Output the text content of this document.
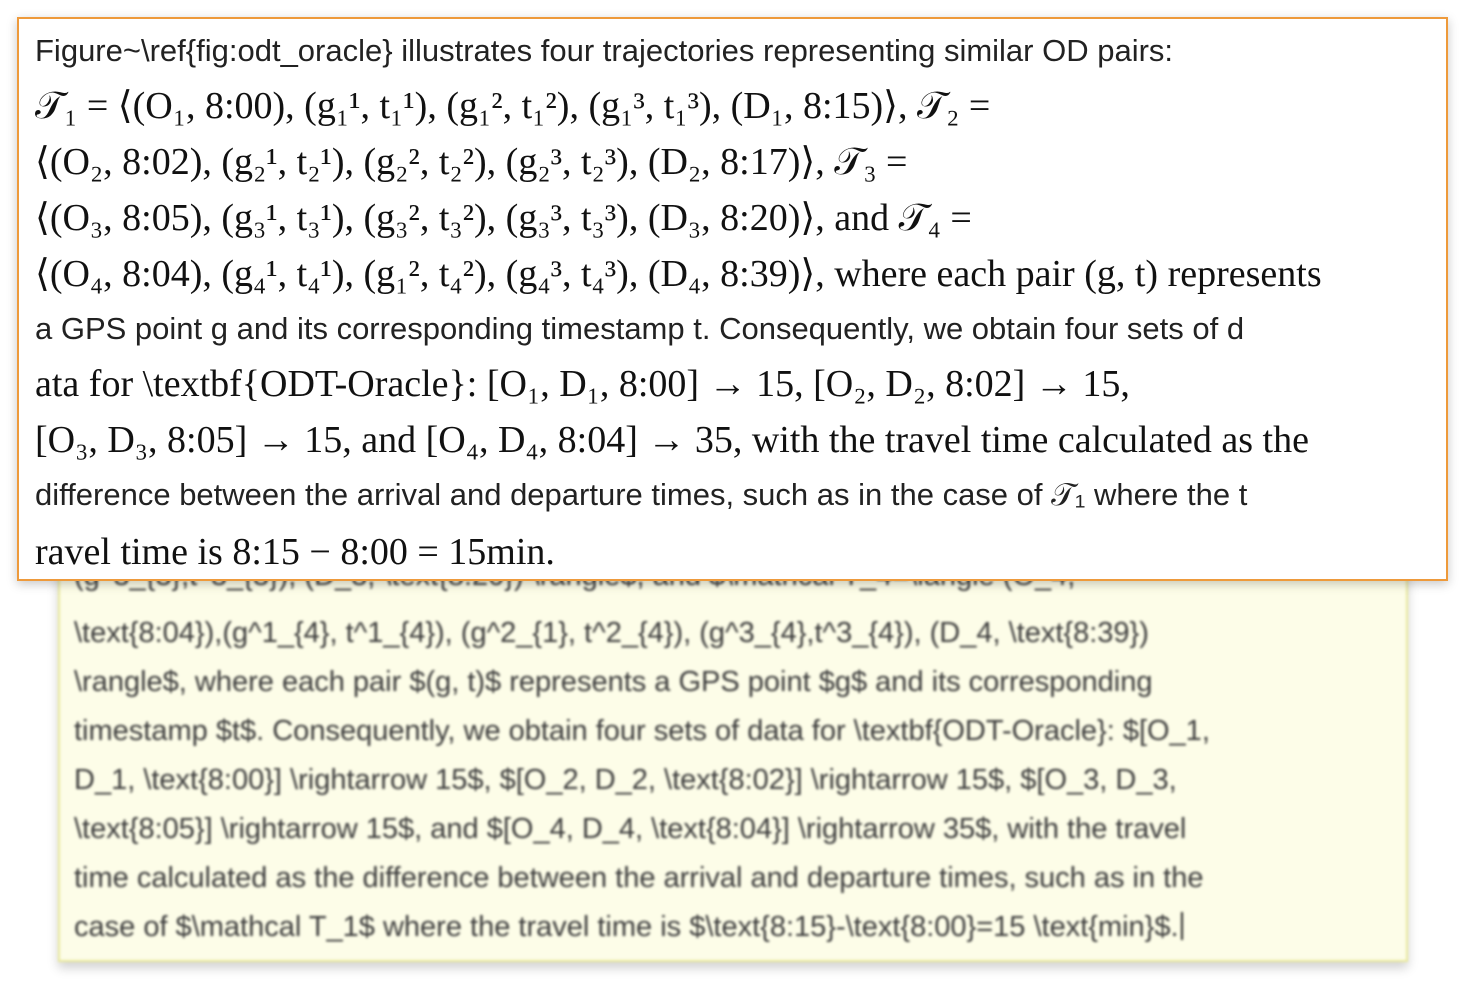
\text{8:04}),(g^1_{4}, t^1_{4}), (g^2_{1}, t^2_{4}), (g^3_{4},t^3_{4}), (D_4, \text{8:39})
\rangle$, where each pair $(g, t)$ represents a GPS point $g$ and its corresponding
timestamp $t$. Consequently, we obtain four sets of data for \textbf{ODT-Oracle}: $[O_1,
D_1, \text{8:00}] \rightarrow 15$, $[O_2, D_2, \text{8:02}] \rightarrow 15$, $[O_3, D_3,
\text{8:05}] \rightarrow 15$, and $[O_4, D_4, \text{8:04}] \rightarrow 35$, with the travel
time calculated as the difference between the arrival and departure times, such as in the
case of $\mathcal T_1$ where the travel time is $\text{8:15}-\text{8:00}=15 \text{min}$.
Figure~\ref{fig:odt_oracle} illustrates four trajectories representing similar OD pairs:
𝒯₁ = ⟨(O₁, 8:00), (g₁¹, t₁¹), (g₁², t₁²), (g₁³, t₁³), (D₁, 8:15)⟩, 𝒯₂ =
⟨(O₂, 8:02), (g₂¹, t₂¹), (g₂², t₂²), (g₂³, t₂³), (D₂, 8:17)⟩, 𝒯₃ =
⟨(O₃, 8:05), (g₃¹, t₃¹), (g₃², t₃²), (g₃³, t₃³), (D₃, 8:20)⟩, and 𝒯₄ =
⟨(O₄, 8:04), (g₄¹, t₄¹), (g₁², t₄²), (g₄³, t₄³), (D₄, 8:39)⟩, where each pair (g, t) represents
a GPS point g and its corresponding timestamp t. Consequently, we obtain four sets of d
ata for \textbf{ODT-Oracle}: [O₁, D₁, 8:00] → 15, [O₂, D₂, 8:02] → 15,
[O₃, D₃, 8:05] → 15, and [O₄, D₄, 8:04] → 35, with the travel time calculated as the
difference between the arrival and departure times, such as in the case of 𝒯₁ where the t
ravel time is 8:15 − 8:00 = 15min.
